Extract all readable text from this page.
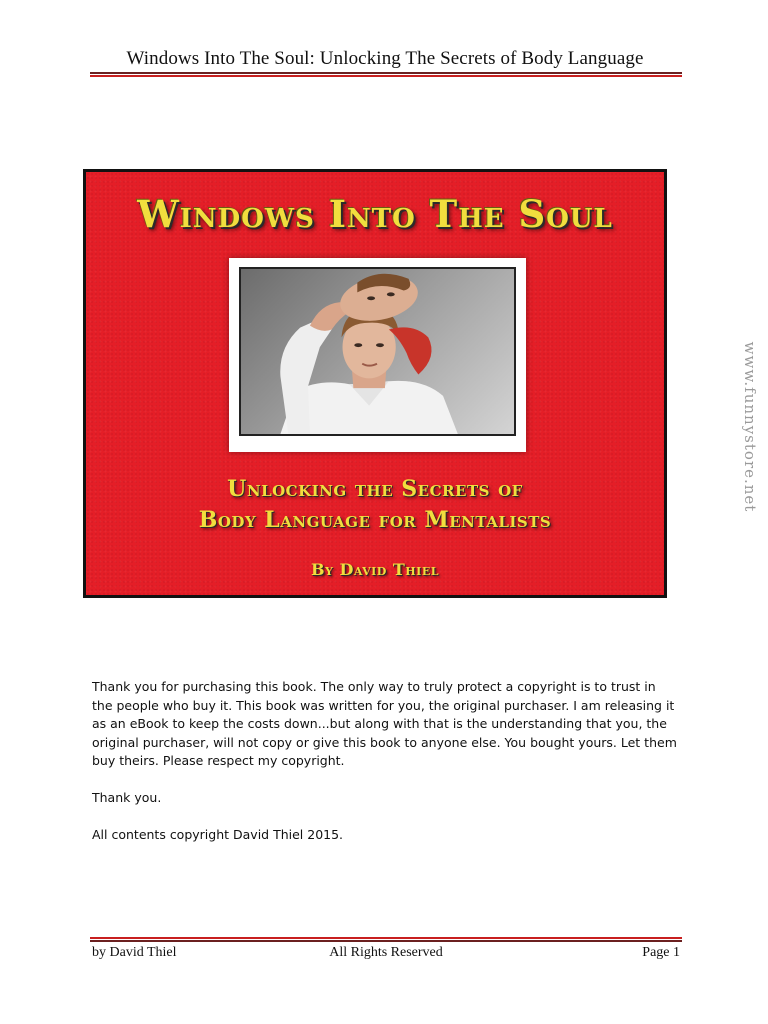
Windows Into The Soul: Unlocking The Secrets of Body Language
Windows Into The Soul
Unlocking the Secrets of
Body Language for Mentalists
By David Thiel
www.funnystore.net

Thank you for purchasing this book. The only way to truly protect a copyright is to trust in the people who buy it. This book was written for you, the original purchaser. I am releasing it as an eBook to keep the costs down...but along with that is the understanding that you, the original purchaser, will not copy or give this book to anyone else. You bought yours. Let them buy theirs. Please respect my copyright.

Thank you.

All contents copyright David Thiel 2015.

by David Thiel	All Rights Reserved	Page 1
